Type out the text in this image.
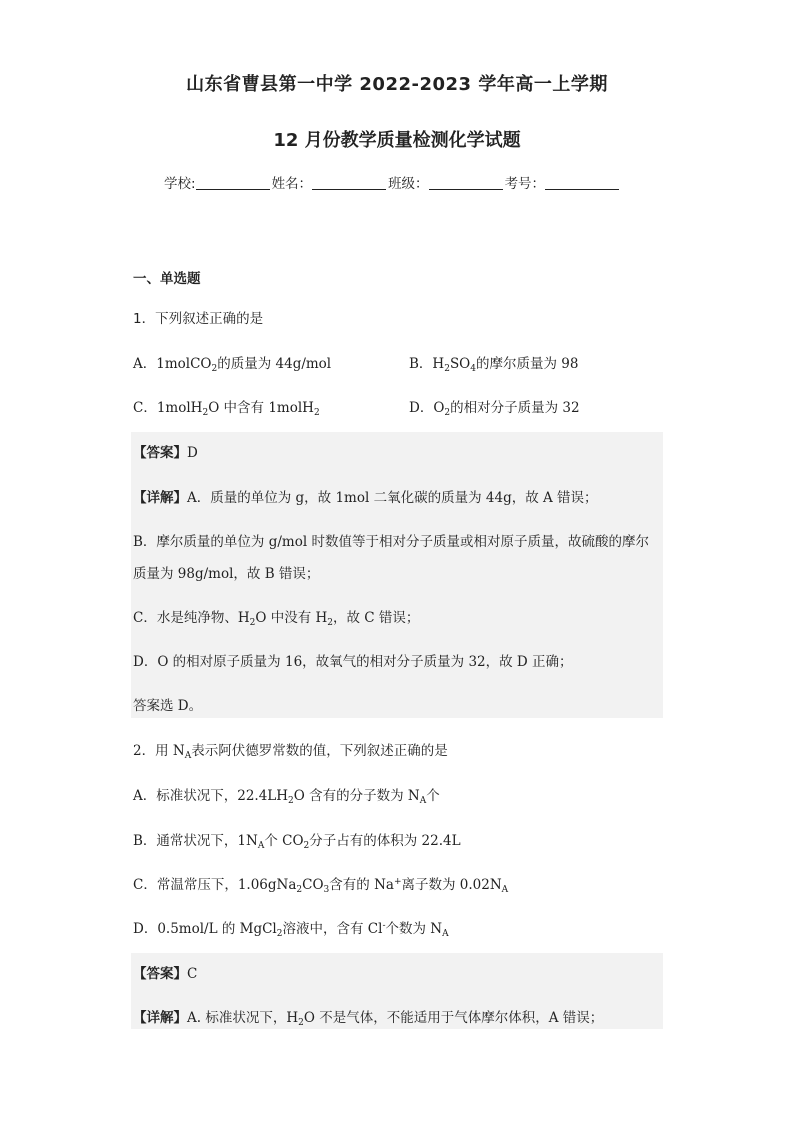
山东省曹县第一中学 2022-2023 学年高一上学期
12 月份教学质量检测化学试题
学校:	姓名：	班级：	考号：
一、单选题
1．下列叙述正确的是
A．1molCO$_2$的质量为 44g/mol	B．$H_2SO_4$的摩尔质量为 98
C．1molH$_2$O 中含有 1molH$_2$	D．$O_2$的相对分子质量为 32
【答案】D
【详解】A．质量的单位为 g，故 1mol 二氧化碳的质量为 44g，故 A 错误；
B．摩尔质量的单位为 g/mol 时数值等于相对分子质量或相对原子质量，故硫酸的摩尔
质量为 98g/mol，故 B 错误；
C．水是纯净物、$H_2O$ 中没有 $H_2$，故 C 错误；
D．O 的相对原子质量为 16，故氧气的相对分子质量为 32，故 D 正确；
答案选 D。
2．用 $N_A$表示阿伏德罗常数的值，下列叙述正确的是
A．标准状况下，$22.4LH_2O$ 含有的分子数为 $N_A$个
B．通常状况下，$1N_A$个 $CO_2$分子占有的体积为 22.4L
C．常温常压下，$1.06gNa_2CO_3$含有的 Na+离子数为 $0.02N_A$
D．0.5mol/L 的 MgCl$_2$溶液中，含有 Cl-个数为 $N_A$
【答案】C
【详解】A. 标准状况下，$H_2O$ 不是气体，不能适用于气体摩尔体积，A 错误；
